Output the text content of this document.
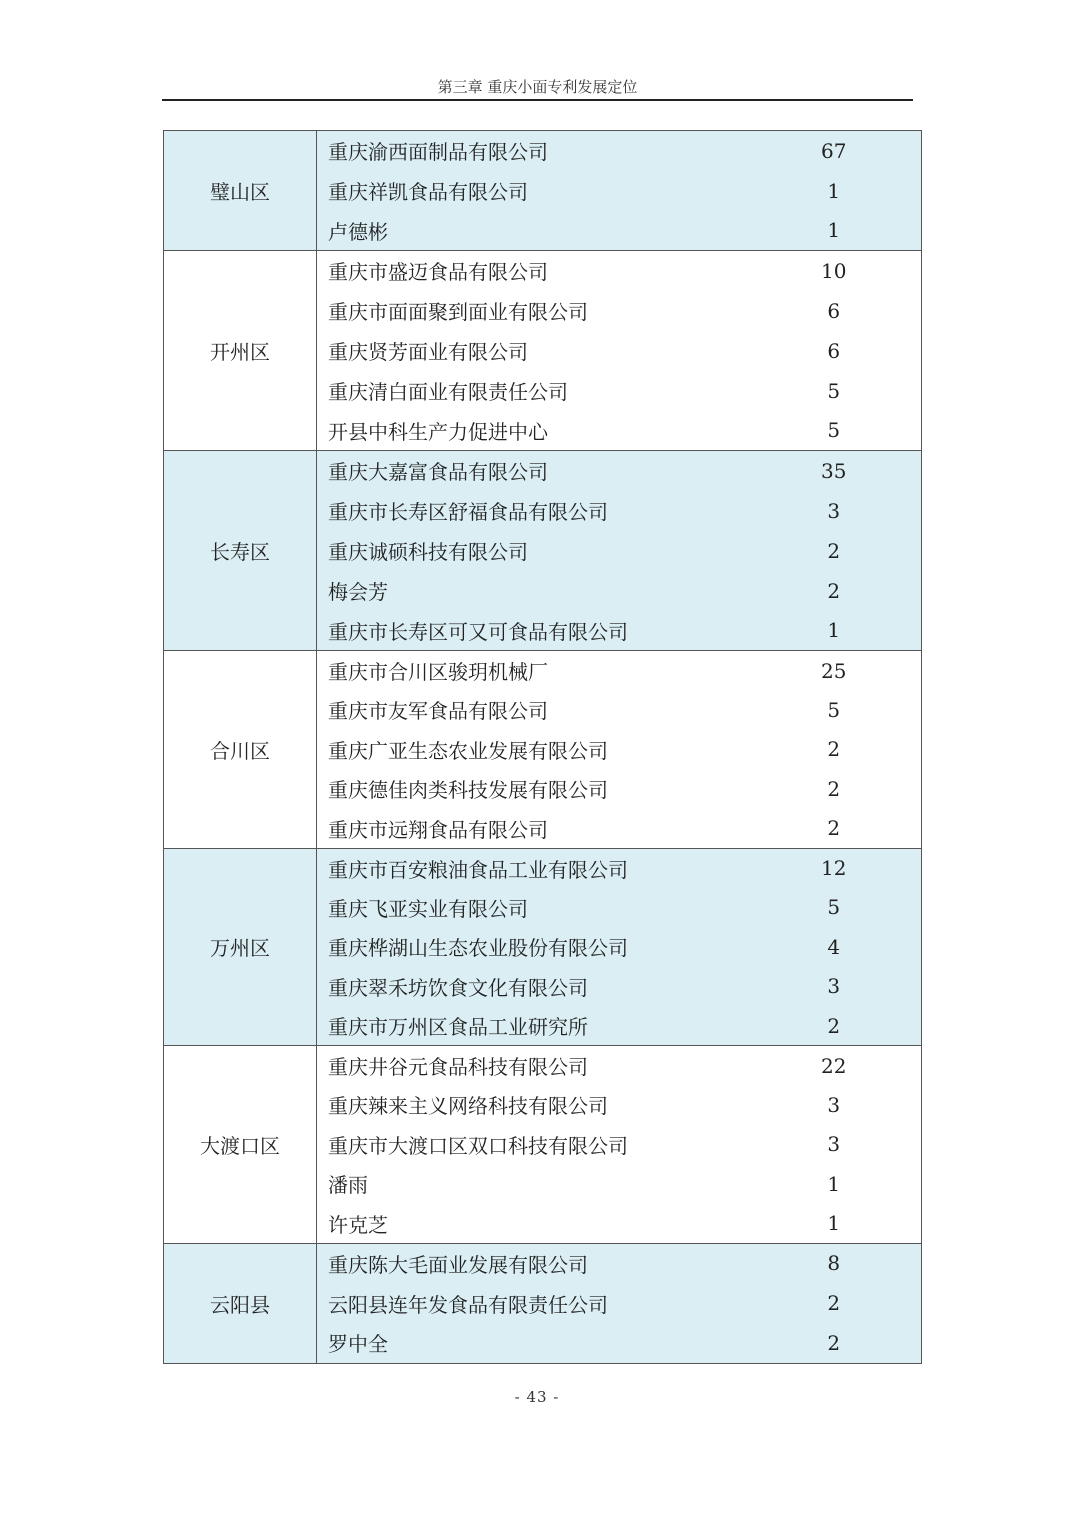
第三章 重庆小面专利发展定位
璧山区	重庆渝西面制品有限公司	67
	重庆祥凯食品有限公司	1
	卢德彬	1
开州区	重庆市盛迈食品有限公司	10
	重庆市面面聚到面业有限公司	6
	重庆贤芳面业有限公司	6
	重庆清白面业有限责任公司	5
	开县中科生产力促进中心	5
长寿区	重庆大嘉富食品有限公司	35
	重庆市长寿区舒福食品有限公司	3
	重庆诚硕科技有限公司	2
	梅会芳	2
	重庆市长寿区可又可食品有限公司	1
合川区	重庆市合川区骏玥机械厂	25
	重庆市友军食品有限公司	5
	重庆广亚生态农业发展有限公司	2
	重庆德佳肉类科技发展有限公司	2
	重庆市远翔食品有限公司	2
万州区	重庆市百安粮油食品工业有限公司	12
	重庆飞亚实业有限公司	5
	重庆桦湖山生态农业股份有限公司	4
	重庆翠禾坊饮食文化有限公司	3
	重庆市万州区食品工业研究所	2
大渡口区	重庆井谷元食品科技有限公司	22
	重庆辣来主义网络科技有限公司	3
	重庆市大渡口区双口科技有限公司	3
	潘雨	1
	许克芝	1
云阳县	重庆陈大毛面业发展有限公司	8
	云阳县连年发食品有限责任公司	2
	罗中全	2
- 43 -
